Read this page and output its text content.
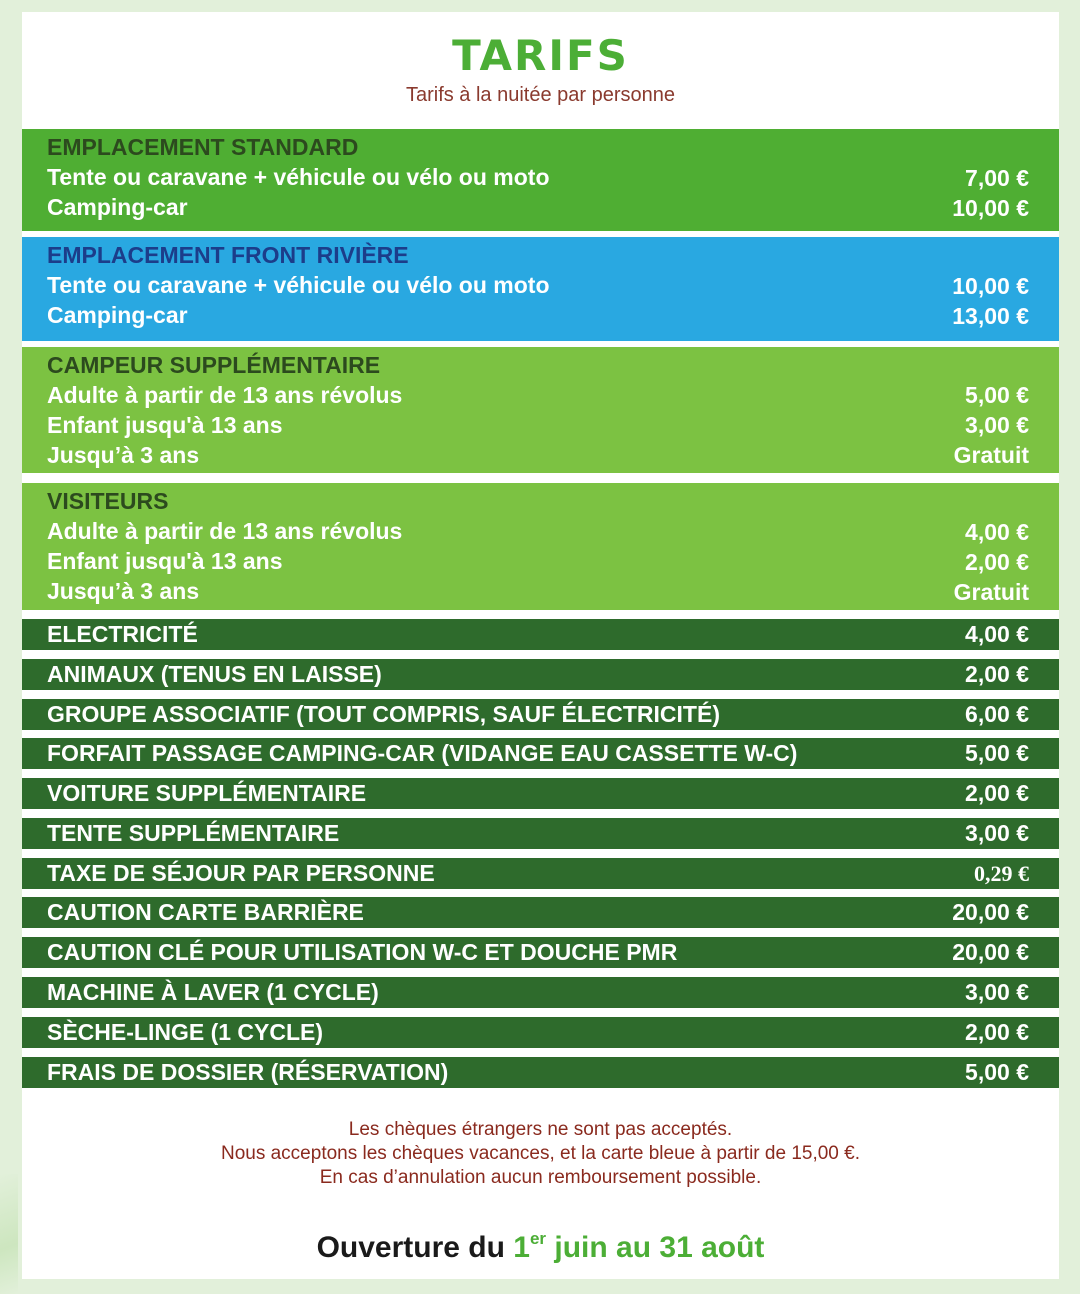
TARIFS
Tarifs à la nuitée par personne
EMPLACEMENT STANDARD
Tente ou caravane + véhicule ou vélo ou moto	7,00 €
Camping-car	10,00 €
EMPLACEMENT FRONT RIVIÈRE
Tente ou caravane + véhicule ou vélo ou moto	10,00 €
Camping-car	13,00 €
CAMPEUR SUPPLÉMENTAIRE
Adulte à partir de 13 ans révolus	5,00 €
Enfant jusqu'à 13 ans	3,00 €
Jusqu’à 3 ans	Gratuit
VISITEURS
Adulte à partir de 13 ans révolus	4,00 €
Enfant jusqu'à 13 ans	2,00 €
Jusqu’à 3 ans	Gratuit
ELECTRICITÉ	4,00 €
ANIMAUX (TENUS EN LAISSE)	2,00 €
GROUPE ASSOCIATIF (TOUT COMPRIS, SAUF ÉLECTRICITÉ)	6,00 €
FORFAIT PASSAGE CAMPING-CAR (VIDANGE EAU CASSETTE W-C)	5,00 €
VOITURE SUPPLÉMENTAIRE	2,00 €
TENTE SUPPLÉMENTAIRE	3,00 €
TAXE DE SÉJOUR PAR PERSONNE	0,29 €
CAUTION CARTE BARRIÈRE	20,00 €
CAUTION CLÉ POUR UTILISATION W-C ET DOUCHE PMR	20,00 €
MACHINE À LAVER (1 CYCLE)	3,00 €
SÈCHE-LINGE (1 CYCLE)	2,00 €
FRAIS DE DOSSIER (RÉSERVATION)	5,00 €
Les chèques étrangers ne sont pas acceptés.
Nous acceptons les chèques vacances, et la carte bleue à partir de 15,00 €.
En cas d’annulation aucun remboursement possible.
Ouverture du 1er juin au 31 août
